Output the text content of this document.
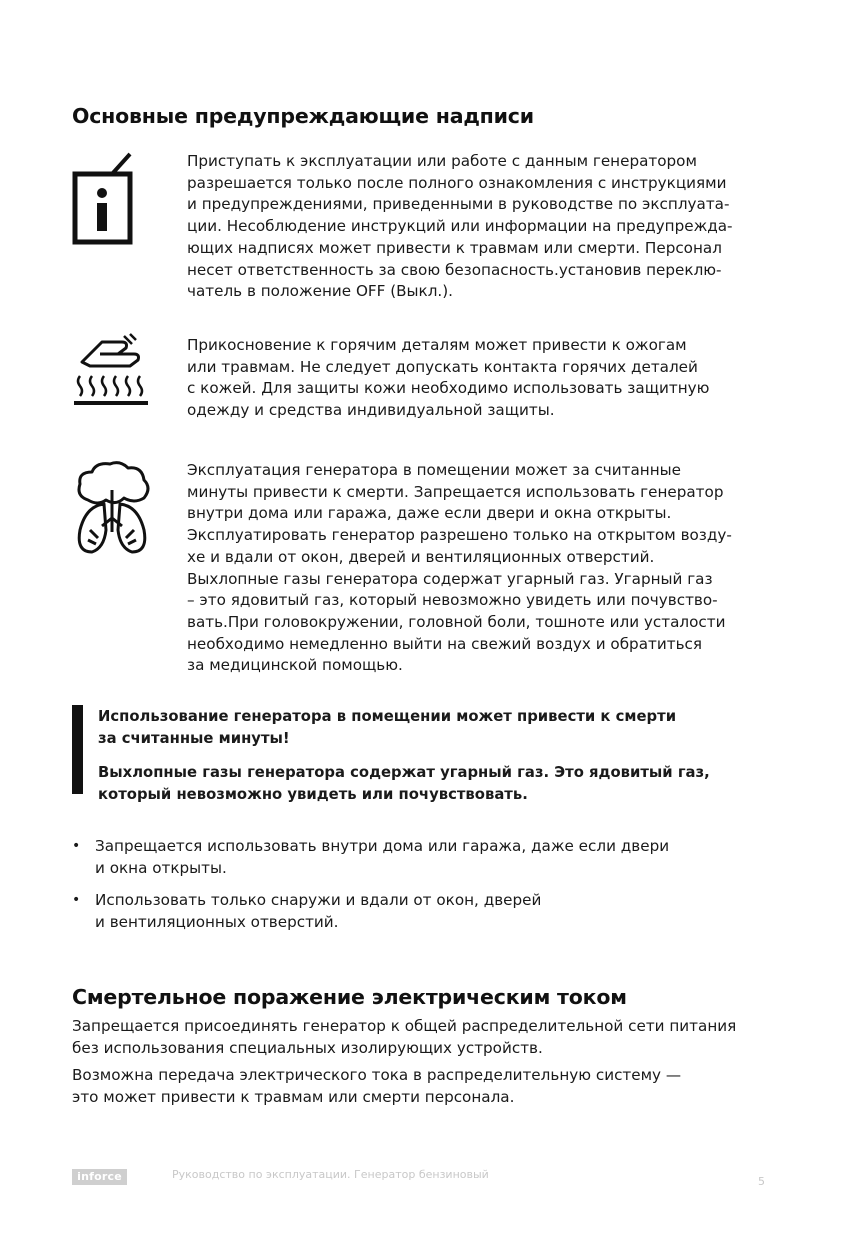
Основные предупреждающие надписи
Приступать к эксплуатации или работе с данным генератором
разрешается только после полного ознакомления с инструкциями
и предупреждениями, приведенными в руководстве по эксплуата-
ции. Несоблюдение инструкций или информации на предупрежда-
ющих надписях может привести к травмам или смерти. Персонал
несет ответственность за свою безопасность.установив переклю-
чатель в положение OFF (Выкл.).
Прикосновение к горячим деталям может привести к ожогам
или травмам. Не следует допускать контакта горячих деталей
с кожей. Для защиты кожи необходимо использовать защитную
одежду и средства индивидуальной защиты.
Эксплуатация генератора в помещении может за считанные
минуты привести к смерти. Запрещается использовать генератор
внутри дома или гаража, даже если двери и окна открыты.
Эксплуатировать генератор разрешено только на открытом возду-
хе и вдали от окон, дверей и вентиляционных отверстий.
Выхлопные газы генератора содержат угарный газ. Угарный газ
– это ядовитый газ, который невозможно увидеть или почувство-
вать.При головокружении, головной боли, тошноте или усталости
необходимо немедленно выйти на свежий воздух и обратиться
за медицинской помощью.
Использование генератора в помещении может привести к смерти
за считанные минуты!
Выхлопные газы генератора содержат угарный газ. Это ядовитый газ,
который невозможно увидеть или почувствовать.
• Запрещается использовать внутри дома или гаража, даже если двери
и окна открыты.
• Использовать только снаружи и вдали от окон, дверей
и вентиляционных отверстий.
Смертельное поражение электрическим током
Запрещается присоединять генератор к общей распределительной сети питания
без использования специальных изолирующих устройств.
Возможна передача электрического тока в распределительную систему —
это может привести к травмам или смерти персонала.
inforce	Руководство по эксплуатации. Генератор бензиновый
5
